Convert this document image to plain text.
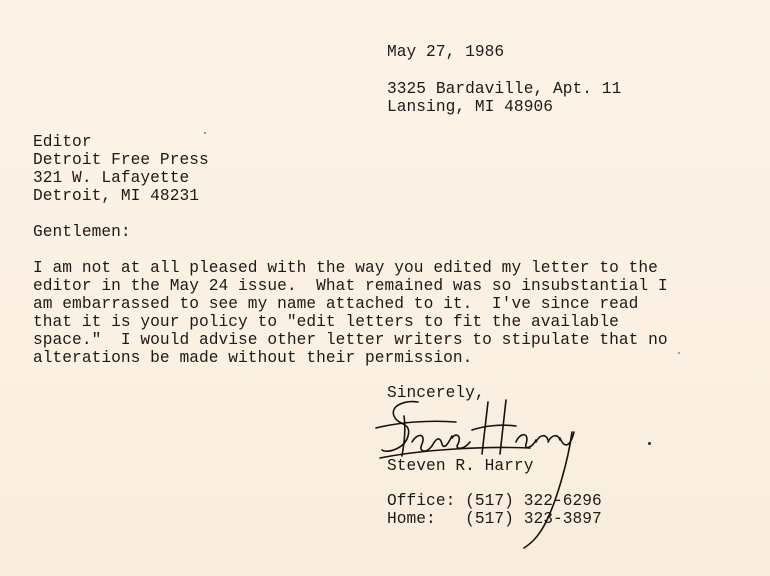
May 27, 1986

3325 Bardaville, Apt. 11

Lansing, MI 48906

Editor

Detroit Free Press

321 W. Lafayette

Detroit, MI 48231

Gentlemen:

I am not at all pleased with the way you edited my letter to the

editor in the May 24 issue.  What remained was so insubstantial I

am embarrassed to see my name attached to it.  I've since read

that it is your policy to "edit letters to fit the available

space."  I would advise other letter writers to stipulate that no

alterations be made without their permission.

Sincerely,

Steven R. Harry

Office: (517) 322-6296

Home:   (517) 323-3897
